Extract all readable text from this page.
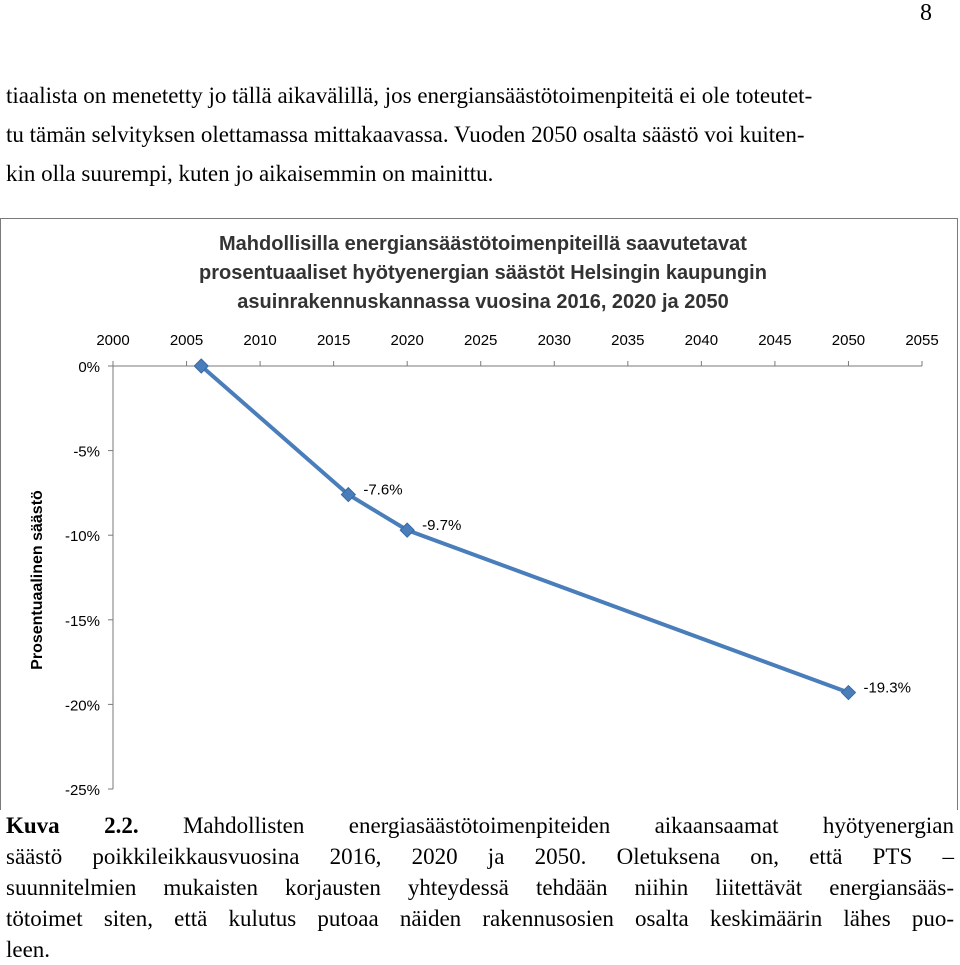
8
tiaalista on menetetty jo tällä aikavälillä, jos energiansäästötoimenpiteitä ei ole toteutet-
tu tämän selvityksen olettamassa mittakaavassa. Vuoden 2050 osalta säästö voi kuiten-
kin olla suurempi, kuten jo aikaisemmin on mainittu.
Mahdollisilla energiansäästötoimenpiteillä saavutetavat
prosentuaaliset hyötyenergian säästöt Helsingin kaupungin
asuinrakennuskannassa vuosina 2016, 2020 ja 2050
2000	2005	2010	2015	2020	2025	2030	2035	2040	2045	2050	2055
0%
-5%
-10%
-15%
-20%
-25%
Prosentuaalinen säästö
-7.6%
-9.7%
-19.3%
Kuva 2.2. Mahdollisten energiasäästötoimenpiteiden aikaansaamat hyötyenergian
säästö poikkileikkausvuosina 2016, 2020 ja 2050. Oletuksena on, että PTS –
suunnitelmien mukaisten korjausten yhteydessä tehdään niihin liitettävät energiansääs-
tötoimet siten, että kulutus putoaa näiden rakennusosien osalta keskimäärin lähes puo-
leen.
